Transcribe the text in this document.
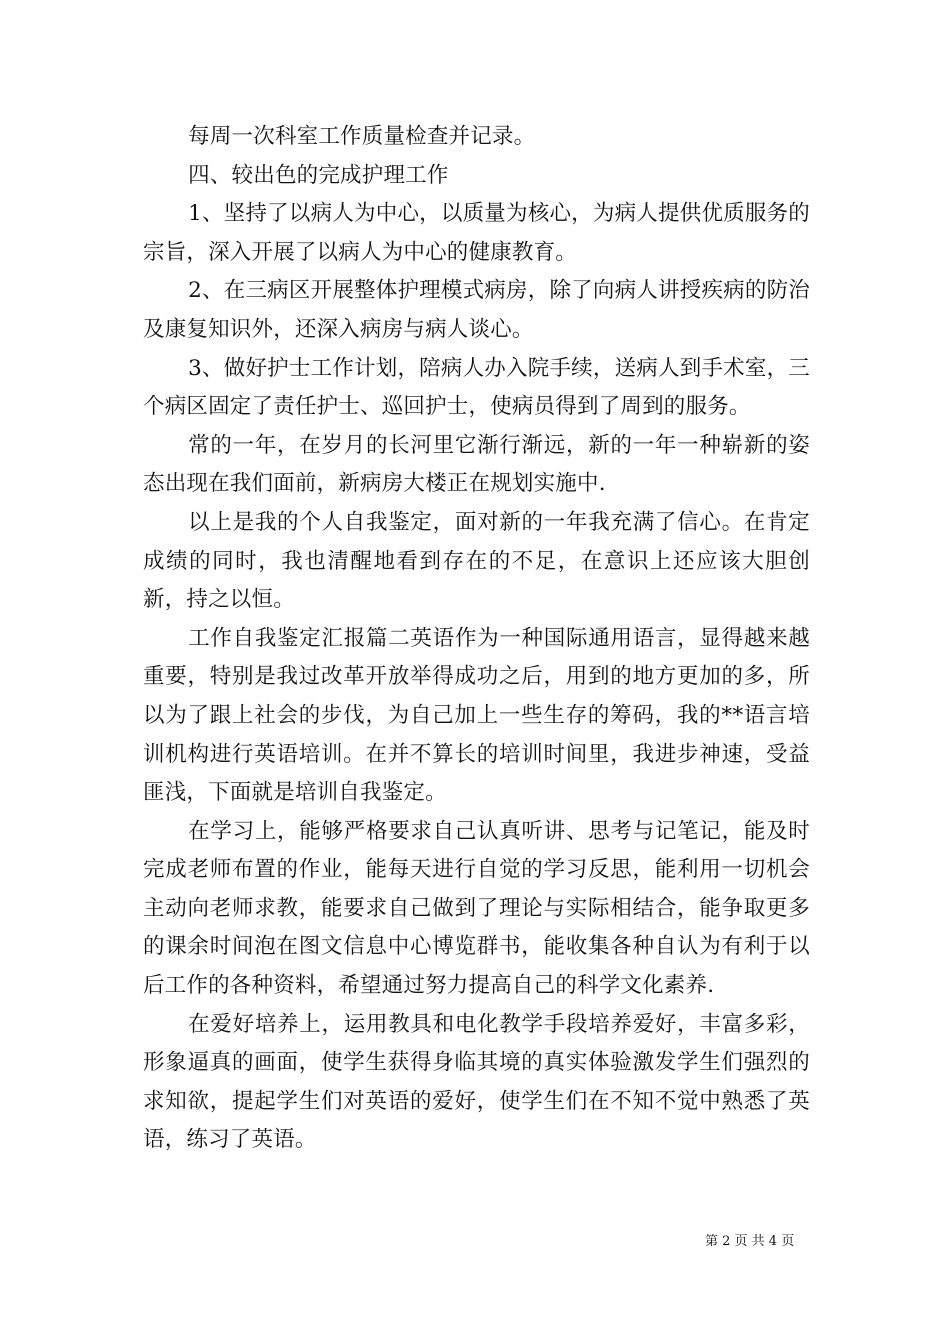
每周一次科室工作质量检查并记录。

四、较出色的完成护理工作

1、坚持了以病人为中心，以质量为核心，为病人提供优质服务的宗旨，深入开展了以病人为中心的健康教育。

2、在三病区开展整体护理模式病房，除了向病人讲授疾病的防治及康复知识外，还深入病房与病人谈心。

3、做好护士工作计划，陪病人办入院手续，送病人到手术室，三个病区固定了责任护士、巡回护士，使病员得到了周到的服务。

常的一年，在岁月的长河里它渐行渐远，新的一年一种崭新的姿态出现在我们面前，新病房大楼正在规划实施中.

以上是我的个人自我鉴定，面对新的一年我充满了信心。在肯定成绩的同时，我也清醒地看到存在的不足，在意识上还应该大胆创新，持之以恒。

工作自我鉴定汇报篇二英语作为一种国际通用语言，显得越来越重要，特别是我过改革开放举得成功之后，用到的地方更加的多，所以为了跟上社会的步伐，为自己加上一些生存的筹码，我的**语言培训机构进行英语培训。在并不算长的培训时间里，我进步神速，受益匪浅，下面就是培训自我鉴定。

在学习上，能够严格要求自己认真听讲、思考与记笔记，能及时完成老师布置的作业，能每天进行自觉的学习反思，能利用一切机会主动向老师求教，能要求自己做到了理论与实际相结合，能争取更多的课余时间泡在图文信息中心博览群书，能收集各种自认为有利于以后工作的各种资料，希望通过努力提高自己的科学文化素养.

在爱好培养上，运用教具和电化教学手段培养爱好，丰富多彩，形象逼真的画面，使学生获得身临其境的真实体验激发学生们强烈的求知欲，提起学生们对英语的爱好，使学生们在不知不觉中熟悉了英语，练习了英语。

第 2 页 共 4 页
